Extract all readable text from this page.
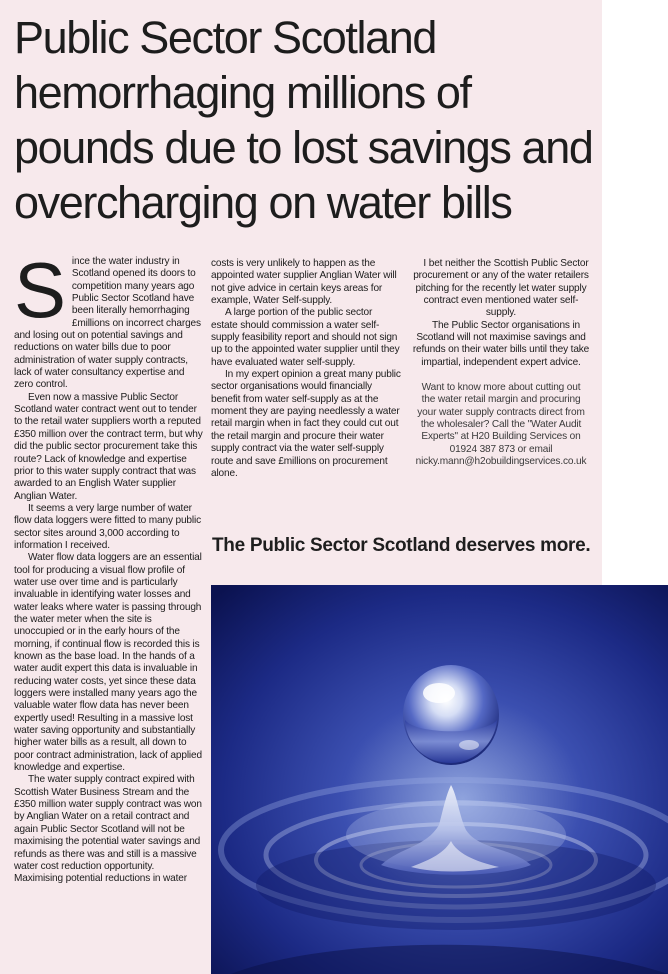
Public Sector Scotland
hemorrhaging millions of
pounds due to lost savings and
overcharging on water bills

Since the water industry in Scotland opened its doors to competition many years ago Public Sector Scotland have been literally hemorrhaging £millions on incorrect charges and losing out on potential savings and reductions on water bills due to poor administration of water supply contracts, lack of water consultancy expertise and zero control.

Even now a massive Public Sector Scotland water contract went out to tender to the retail water suppliers worth a reputed £350 million over the contract term, but why did the public sector procurement take this route? Lack of knowledge and expertise prior to this water supply contract that was awarded to an English Water supplier Anglian Water.

It seems a very large number of water flow data loggers were fitted to many public sector sites around 3,000 according to information I received.

Water flow data loggers are an essential tool for producing a visual flow profile of water use over time and is particularly invaluable in identifying water losses and water leaks where water is passing through the water meter when the site is unoccupied or in the early hours of the morning, if continual flow is recorded this is known as the base load. In the hands of a water audit expert this data is invaluable in reducing water costs, yet since these data loggers were installed many years ago the valuable water flow data has never been expertly used! Resulting in a massive lost water saving opportunity and substantially higher water bills as a result, all down to poor contract administration, lack of applied knowledge and expertise.

The water supply contract expired with Scottish Water Business Stream and the £350 million water supply contract was won by Anglian Water on a retail contract and again Public Sector Scotland will not be maximising the potential water savings and refunds as there was and still is a massive water cost reduction opportunity. Maximising potential reductions in water

costs is very unlikely to happen as the appointed water supplier Anglian Water will not give advice in certain keys areas for example, Water Self-supply.

A large portion of the public sector estate should commission a water self-supply feasibility report and should not sign up to the appointed water supplier until they have evaluated water self-supply.

In my expert opinion a great many public sector organisations would financially benefit from water self-supply as at the moment they are paying needlessly a water retail margin when in fact they could cut out the retail margin and procure their water supply contract via the water self-supply route and save £millions on procurement alone.

I bet neither the Scottish Public Sector procurement or any of the water retailers pitching for the recently let water supply contract even mentioned water self-supply.

The Public Sector organisations in Scotland will not maximise savings and refunds on their water bills until they take impartial, independent expert advice.

Want to know more about cutting out
the water retail margin and procuring
your water supply contracts direct from
the wholesaler? Call the "Water Audit
Experts" at H20 Building Services on
01924 387 873 or email
nicky.mann@h2obuildingservices.co.uk

The Public Sector Scotland deserves more.
